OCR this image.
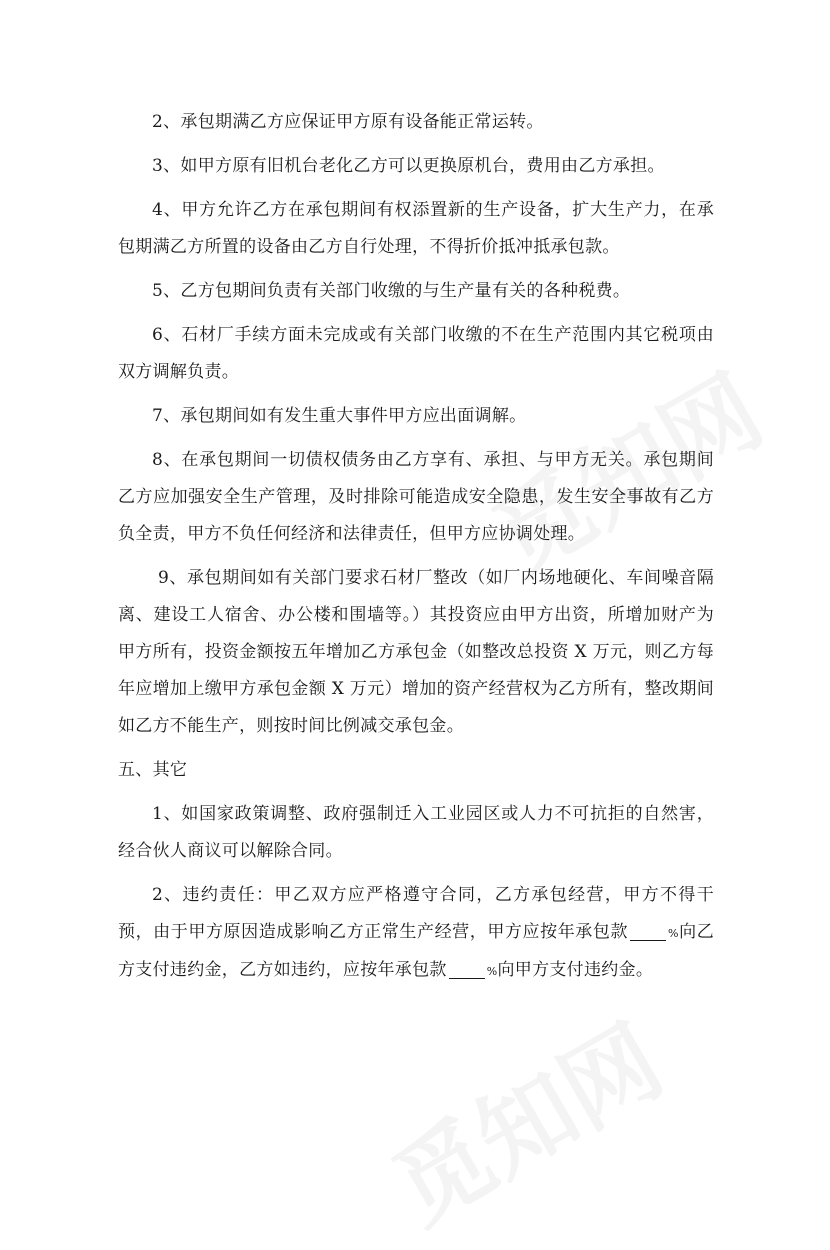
2、承包期满乙方应保证甲方原有设备能正常运转。

3、如甲方原有旧机台老化乙方可以更换原机台，费用由乙方承担。

4、甲方允许乙方在承包期间有权添置新的生产设备，扩大生产力，在承包期满乙方所置的设备由乙方自行处理，不得折价抵冲抵承包款。

5、乙方包期间负责有关部门收缴的与生产量有关的各种税费。

6、石材厂手续方面未完成或有关部门收缴的不在生产范围内其它税项由双方调解负责。

7、承包期间如有发生重大事件甲方应出面调解。

8、在承包期间一切债权债务由乙方享有、承担、与甲方无关。承包期间乙方应加强安全生产管理，及时排除可能造成安全隐患，发生安全事故有乙方负全责，甲方不负任何经济和法律责任，但甲方应协调处理。

9、承包期间如有关部门要求石材厂整改（如厂内场地硬化、车间噪音隔离、建设工人宿舍、办公楼和围墙等。）其投资应由甲方出资，所增加财产为甲方所有，投资金额按五年增加乙方承包金（如整改总投资 X 万元，则乙方每年应增加上缴甲方承包金额 X 万元）增加的资产经营权为乙方所有，整改期间如乙方不能生产，则按时间比例减交承包金。

五、其它

1、如国家政策调整、政府强制迁入工业园区或人力不可抗拒的自然害，经合伙人商议可以解除合同。

2、违约责任：甲乙双方应严格遵守合同，乙方承包经营，甲方不得干预，由于甲方原因造成影响乙方正常生产经营，甲方应按年承包款	%向乙方支付违约金，乙方如违约，应按年承包款	%向甲方支付违约金。
